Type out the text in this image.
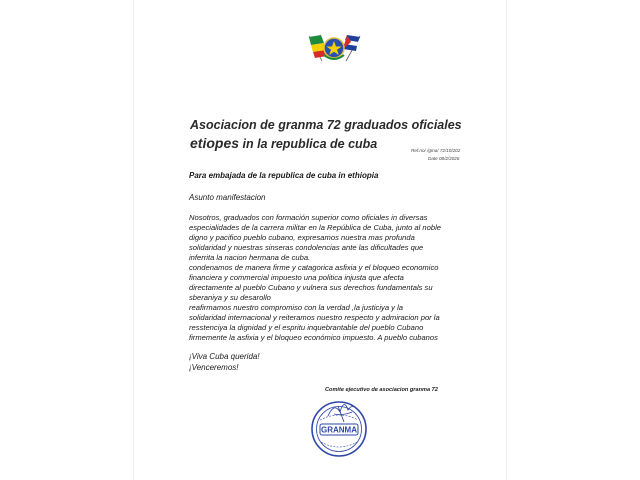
Asociacion de granma 72 graduados oficiales
etiopes in la republica de cuba	Ref.no/ /gma/ 72/10/202
Date 08/2/2026
Para embajada de la republica de cuba in ethiopia
Asunto manifestacion
Nosotros, graduados con formación superior como oficiales in diversas
especialidades de la carrera militar en la República de Cuba, junto al noble
digno y pacifico pueblo cubano, expresamos nuestra mas profunda
solidaridad y nuestras sinseras condolencias ante las dificultades que
inferrita la nacion hermana de cuba.
condenamos de manera firme y catagorica asfixia y el bloqueo economico
financiera y commercial impuesto una politica injusta que afecta
directamente al pueblo Cubano y vulnera sus derechos fundamentals su
sberaniya y su desarollo
reafirmamos nuestro compromiso con la verdad ,la justiciya y la
solidaridad internacional y reiteramos nuestro respecto y admiracion por la
resstenciya la dignidad y el espritu inquebrantable del pueblo Cubano
firmemente la asfixia y el bloqueo económico impuesto. A pueblo cubanos
¡Viva Cuba querida!
¡Venceremos!
Comite ejecutivo de asociacion granma 72
GRANMA
